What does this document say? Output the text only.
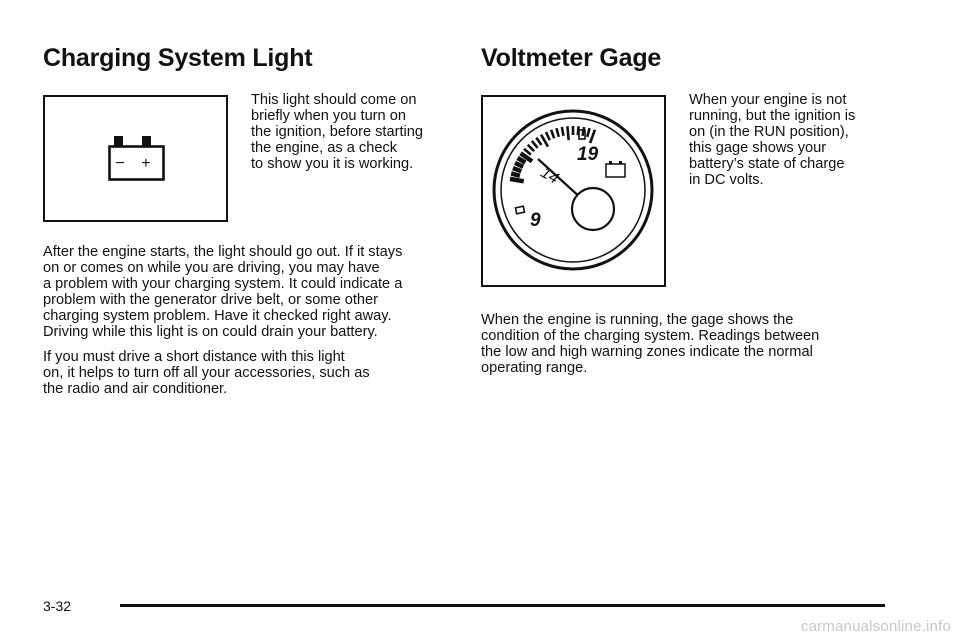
Charging System Light
− +

This light should come on

briefly when you turn on

the ignition, before starting

the engine, as a check

to show you it is working.

After the engine starts, the light should go out. If it stays
on or comes on while you are driving, you may have
a problem with your charging system. It could indicate a
problem with the generator drive belt, or some other
charging system problem. Have it checked right away.
Driving while this light is on could drain your battery.

If you must drive a short distance with this light
on, it helps to turn off all your accessories, such as
the radio and air conditioner.

Voltmeter Gage
9
14
19

When your engine is not

running, but the ignition is

on (in the RUN position),

this gage shows your

battery’s state of charge

in DC volts.

When the engine is running, the gage shows the
condition of the charging system. Readings between
the low and high warning zones indicate the normal
operating range.

3-32
carmanualsonline.info
